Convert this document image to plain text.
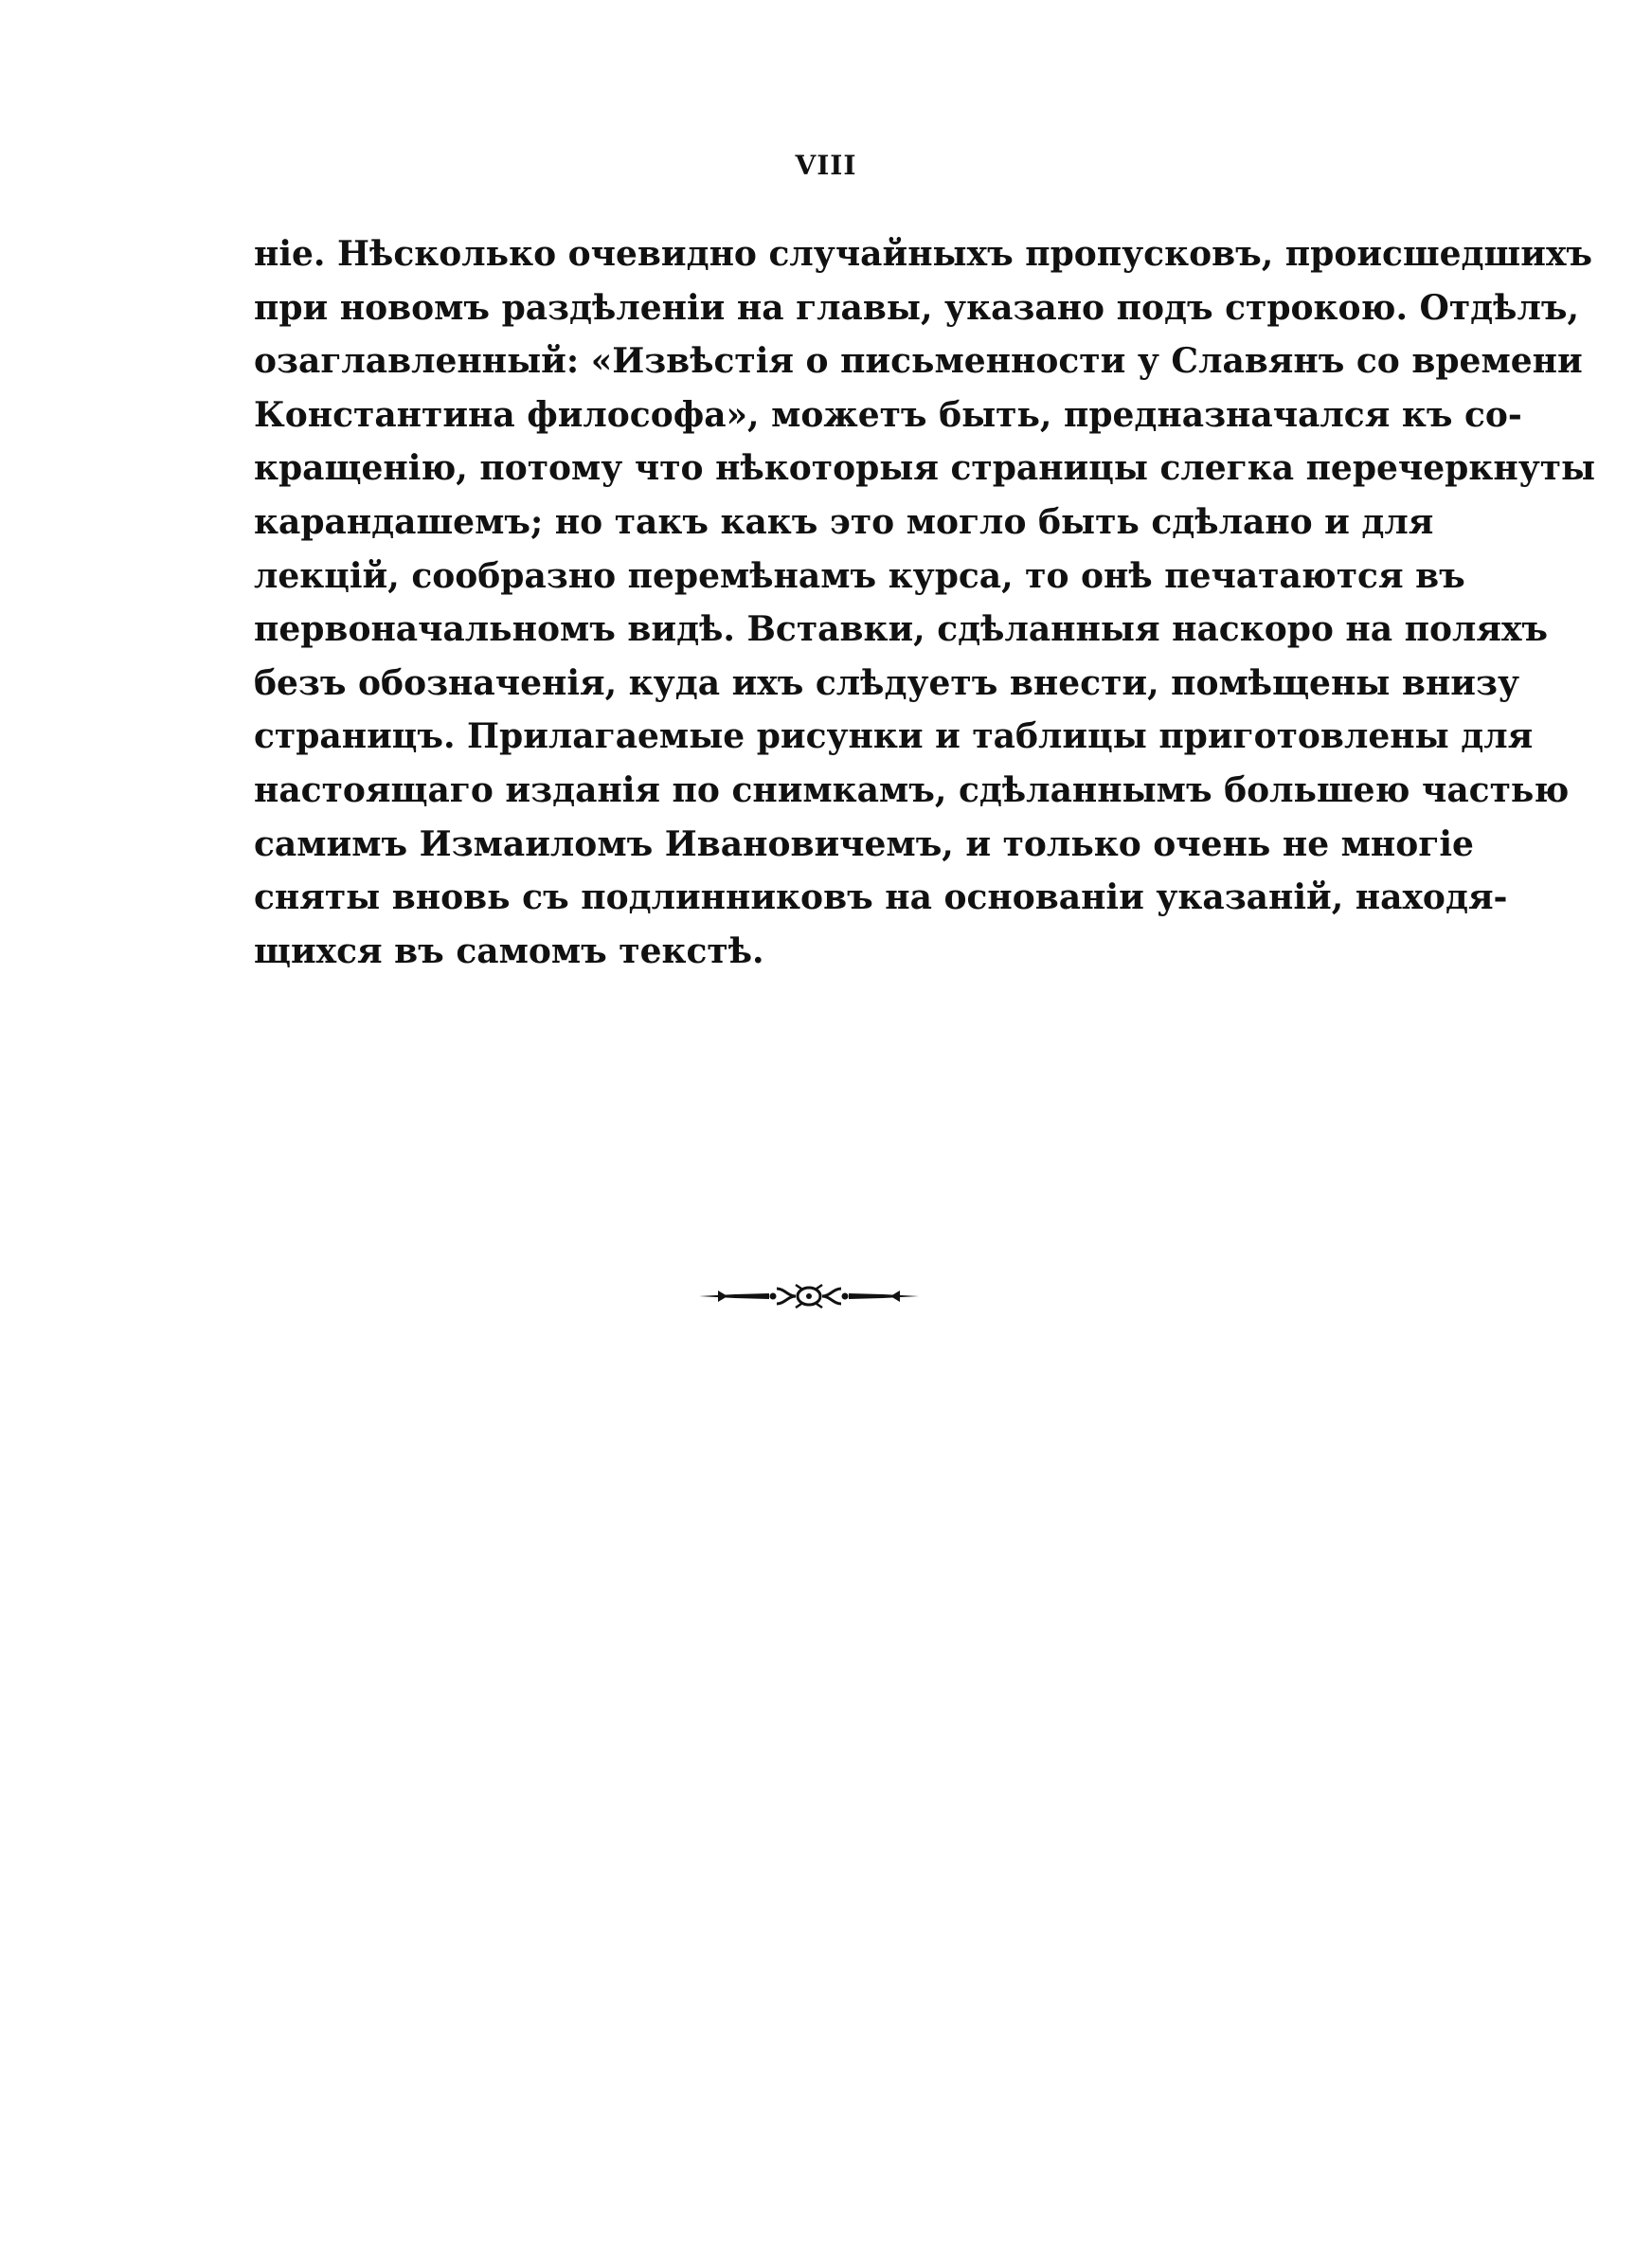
VIII
ніе. Нѣсколько очевидно случайныхъ пропусковъ, происшедшихъ
при новомъ раздѣленіи на главы, указано подъ строкою. Отдѣлъ,
озаглавленный: «Извѣстія о письменности у Славянъ со времени
Константина философа», можетъ быть, предназначался къ со-
кращенію, потому что нѣкоторыя страницы слегка перечеркнуты
карандашемъ; но такъ какъ это могло быть сдѣлано и для
лекцій, сообразно перемѣнамъ курса, то онѣ печатаются въ
первоначальномъ видѣ. Вставки, сдѣланныя наскоро на поляхъ
безъ обозначенія, куда ихъ слѣдуетъ внести, помѣщены внизу
страницъ. Прилагаемые рисунки и таблицы приготовлены для
настоящаго изданія по снимкамъ, сдѣланнымъ большею частью
самимъ Измаиломъ Ивановичемъ, и только очень не многіе
сняты вновь съ подлинниковъ на основаніи указаній, находя-
щихся въ самомъ текстѣ.
